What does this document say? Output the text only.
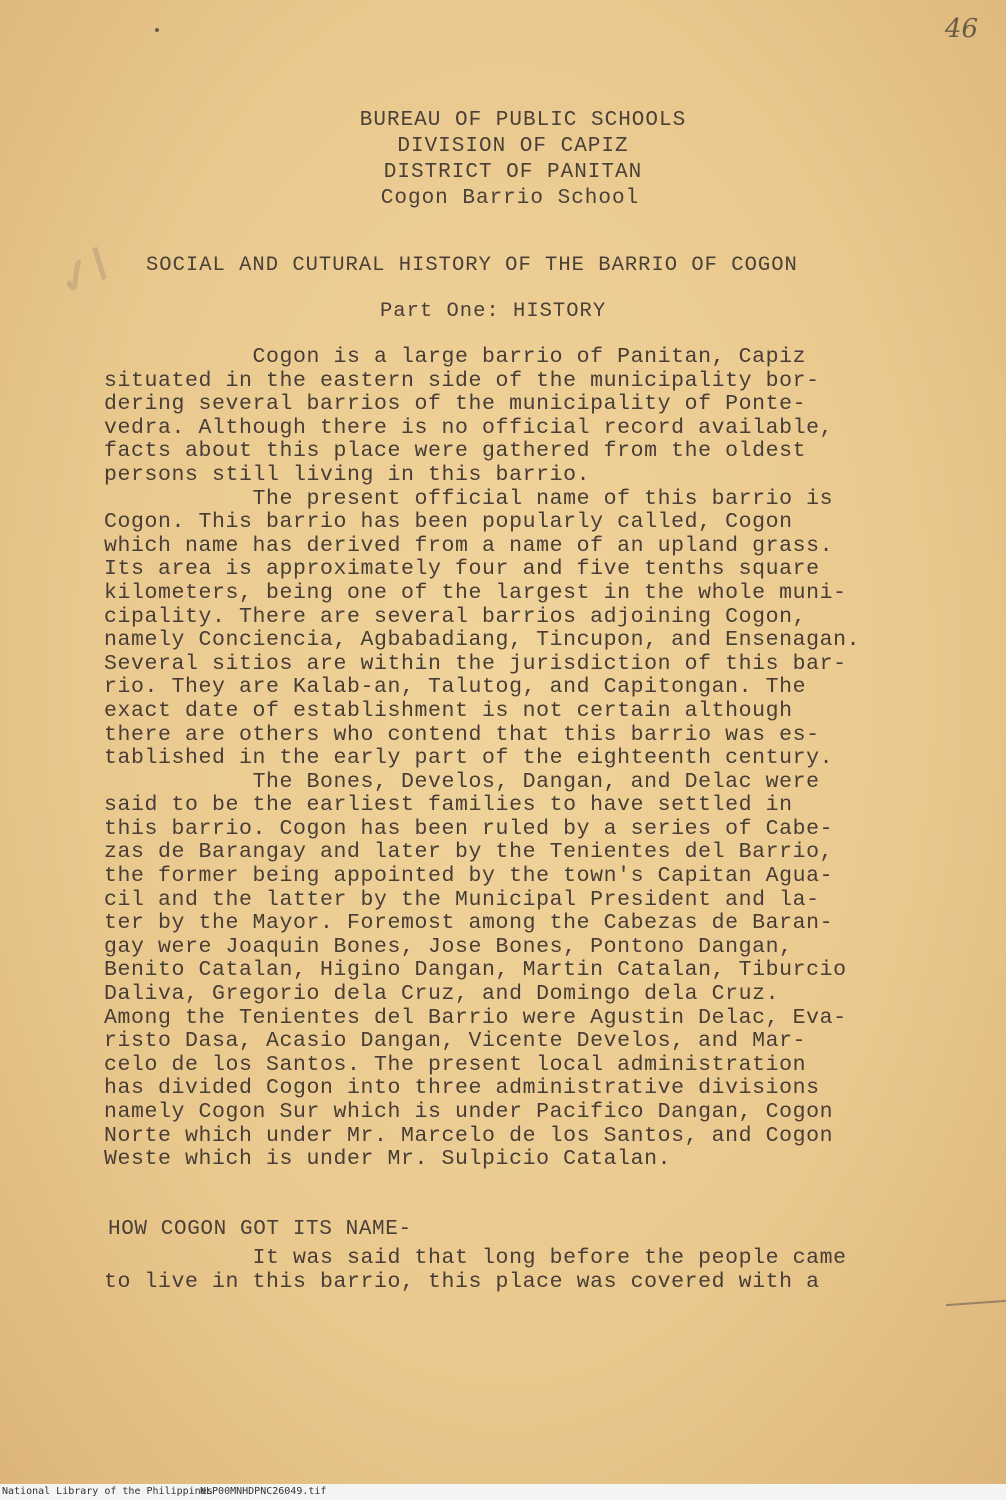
46
✓/
BUREAU OF PUBLIC SCHOOLS
DIVISION OF CAPIZ
DISTRICT OF PANITAN
Cogon Barrio School
SOCIAL AND CUTURAL HISTORY OF THE BARRIO OF COGON
Part One: HISTORY
Cogon is a large barrio of Panitan, Capiz
situated in the eastern side of the municipality bor-
dering several barrios of the municipality of Ponte-
vedra. Although there is no official record available,
facts about this place were gathered from the oldest
persons still living in this barrio.
The present official name of this barrio is
Cogon. This barrio has been popularly called, Cogon
which name has derived from a name of an upland grass.
Its area is approximately four and five tenths square
kilometers, being one of the largest in the whole muni-
cipality. There are several barrios adjoining Cogon,
namely Conciencia, Agbabadiang, Tincupon, and Ensenagan.
Several sitios are within the jurisdiction of this bar-
rio. They are Kalab-an, Talutog, and Capitongan. The
exact date of establishment is not certain although
there are others who contend that this barrio was es-
tablished in the early part of the eighteenth century.
The Bones, Develos, Dangan, and Delac were
said to be the earliest families to have settled in
this barrio. Cogon has been ruled by a series of Cabe-
zas de Barangay and later by the Tenientes del Barrio,
the former being appointed by the town's Capitan Agua-
cil and the latter by the Municipal President and la-
ter by the Mayor. Foremost among the Cabezas de Baran-
gay were Joaquin Bones, Jose Bones, Pontono Dangan,
Benito Catalan, Higino Dangan, Martin Catalan, Tiburcio
Daliva, Gregorio dela Cruz, and Domingo dela Cruz.
Among the Tenientes del Barrio were Agustin Delac, Eva-
risto Dasa, Acasio Dangan, Vicente Develos, and Mar-
celo de los Santos. The present local administration
has divided Cogon into three administrative divisions
namely Cogon Sur which is under Pacifico Dangan, Cogon
Norte which under Mr. Marcelo de los Santos, and Cogon
Weste which is under Mr. Sulpicio Catalan.
HOW COGON GOT ITS NAME-
It was said that long before the people came
to live in this barrio, this place was covered with a
National Library of the Philippines
NLP00MNHDPNC26049.tif
